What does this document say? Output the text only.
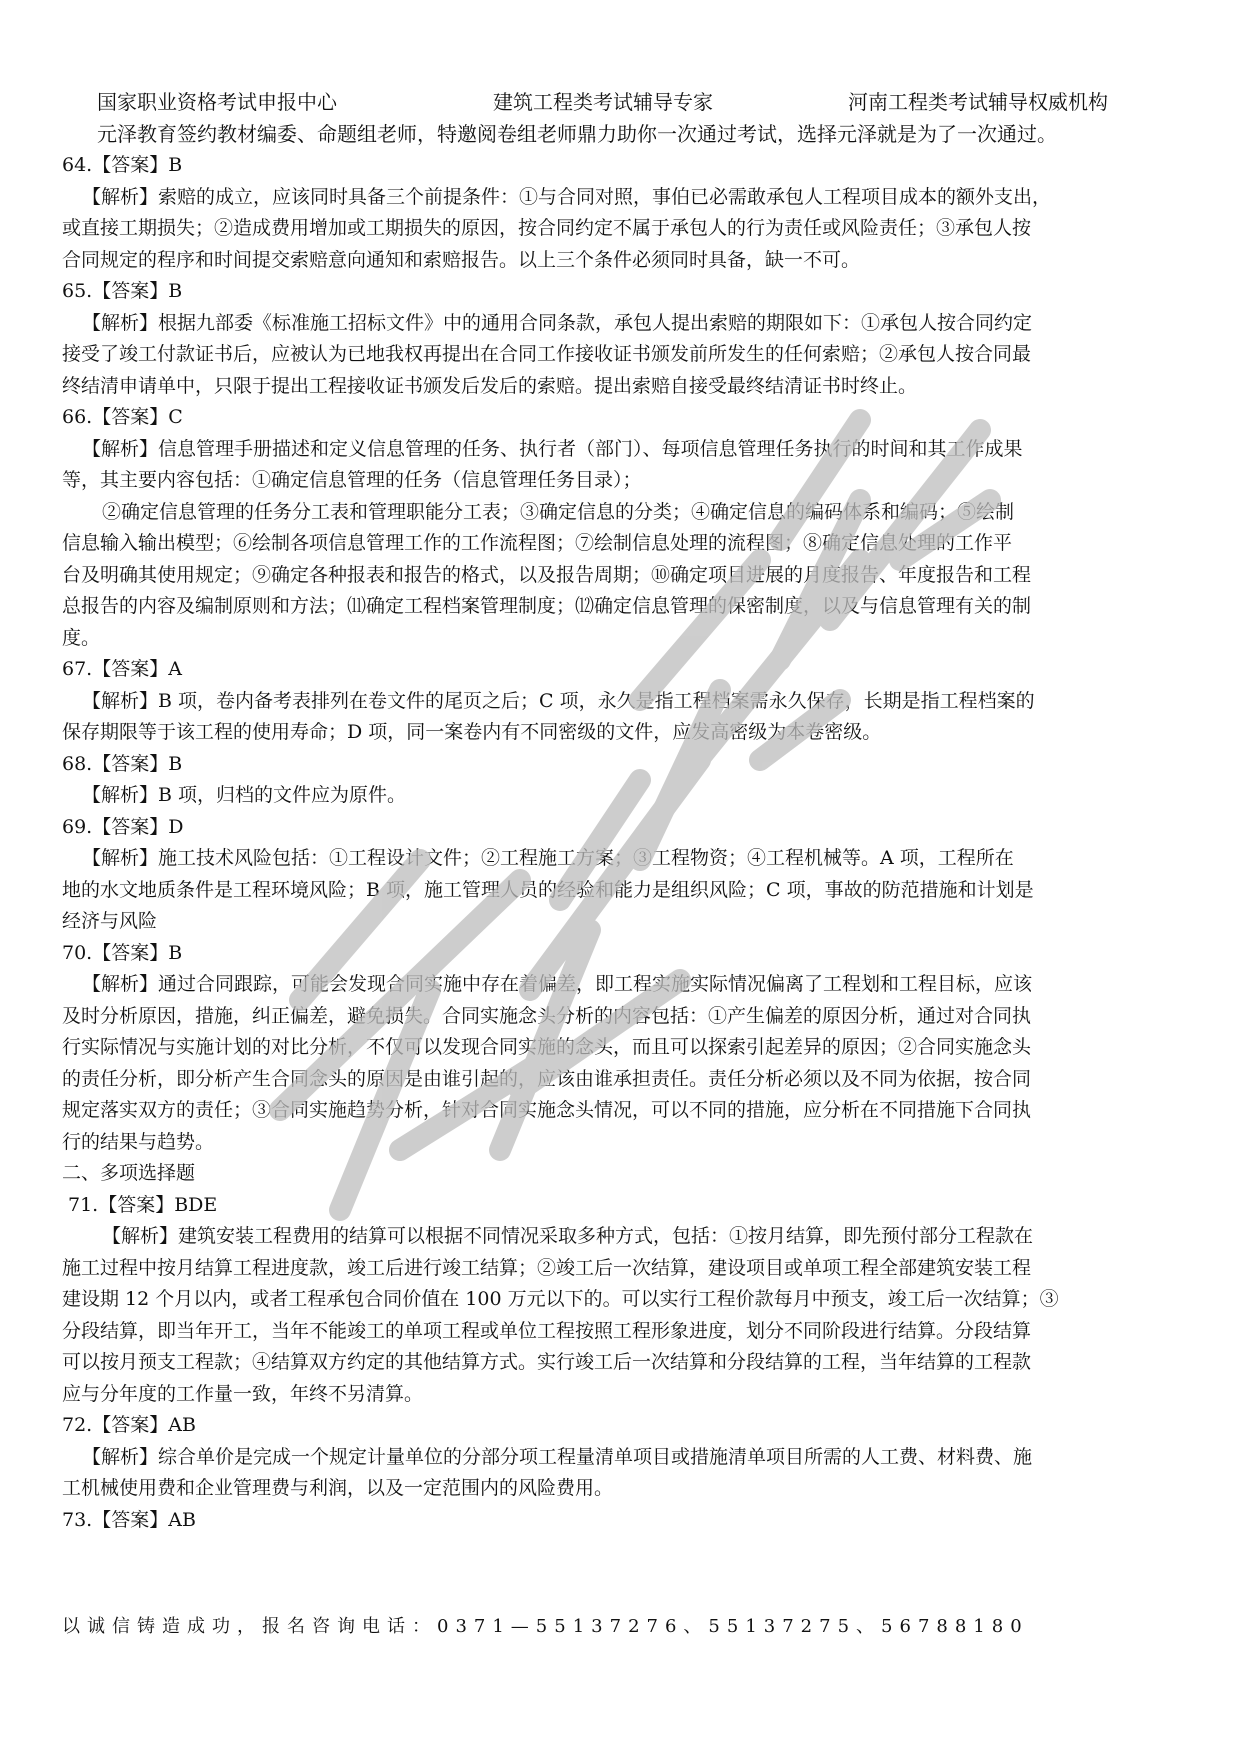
国家职业资格考试申报中心	建筑工程类考试辅导专家	河南工程类考试辅导权威机构
元泽教育签约教材编委、命题组老师，特邀阅卷组老师鼎力助你一次通过考试，选择元泽就是为了一次通过。
64.【答案】B
【解析】索赔的成立，应该同时具备三个前提条件：①与合同对照，事伯已必需敢承包人工程项目成本的额外支出，
或直接工期损失；②造成费用增加或工期损失的原因，按合同约定不属于承包人的行为责任或风险责任；③承包人按
合同规定的程序和时间提交索赔意向通知和索赔报告。以上三个条件必须同时具备，缺一不可。
65.【答案】B
【解析】根据九部委《标准施工招标文件》中的通用合同条款，承包人提出索赔的期限如下：①承包人按合同约定
接受了竣工付款证书后，应被认为已地我权再提出在合同工作接收证书颁发前所发生的任何索赔；②承包人按合同最
终结清申请单中，只限于提出工程接收证书颁发后发后的索赔。提出索赔自接受最终结清证书时终止。
66.【答案】C
【解析】信息管理手册描述和定义信息管理的任务、执行者（部门）、每项信息管理任务执行的时间和其工作成果
等，其主要内容包括：①确定信息管理的任务（信息管理任务目录）；
②确定信息管理的任务分工表和管理职能分工表；③确定信息的分类；④确定信息的编码体系和编码；⑤绘制
信息输入输出模型；⑥绘制各项信息管理工作的工作流程图；⑦绘制信息处理的流程图；⑧确定信息处理的工作平
台及明确其使用规定；⑨确定各种报表和报告的格式，以及报告周期；⑩确定项目进展的月度报告、年度报告和工程
总报告的内容及编制原则和方法；⑾确定工程档案管理制度；⑿确定信息管理的保密制度，以及与信息管理有关的制
度。
67.【答案】A
【解析】B 项，卷内备考表排列在卷文件的尾页之后；C 项，永久是指工程档案需永久保存，长期是指工程档案的
保存期限等于该工程的使用寿命；D 项，同一案卷内有不同密级的文件，应发高密级为本卷密级。
68.【答案】B
【解析】B 项，归档的文件应为原件。
69.【答案】D
【解析】施工技术风险包括：①工程设计文件；②工程施工方案；③工程物资；④工程机械等。A 项，工程所在
地的水文地质条件是工程环境风险；B 项，施工管理人员的经验和能力是组织风险；C 项，事故的防范措施和计划是
经济与风险
70.【答案】B
【解析】通过合同跟踪，可能会发现合同实施中存在着偏差，即工程实施实际情况偏离了工程划和工程目标，应该
及时分析原因，措施，纠正偏差，避免损失。合同实施念头分析的内容包括：①产生偏差的原因分析，通过对合同执
行实际情况与实施计划的对比分析，不仅可以发现合同实施的念头，而且可以探索引起差异的原因；②合同实施念头
的责任分析，即分析产生合同念头的原因是由谁引起的，应该由谁承担责任。责任分析必须以及不同为依据，按合同
规定落实双方的责任；③合同实施趋势分析，针对合同实施念头情况，可以不同的措施，应分析在不同措施下合同执
行的结果与趋势。
二、多项选择题
71.【答案】BDE
【解析】建筑安装工程费用的结算可以根据不同情况采取多种方式，包括：①按月结算，即先预付部分工程款在
施工过程中按月结算工程进度款，竣工后进行竣工结算；②竣工后一次结算，建设项目或单项工程全部建筑安装工程
建设期 12 个月以内，或者工程承包合同价值在 100 万元以下的。可以实行工程价款每月中预支，竣工后一次结算；③
分段结算，即当年开工，当年不能竣工的单项工程或单位工程按照工程形象进度，划分不同阶段进行结算。分段结算
可以按月预支工程款；④结算双方约定的其他结算方式。实行竣工后一次结算和分段结算的工程，当年结算的工程款
应与分年度的工作量一致，年终不另清算。
72.【答案】AB
【解析】综合单价是完成一个规定计量单位的分部分项工程量清单项目或措施清单项目所需的人工费、材料费、施
工机械使用费和企业管理费与利润，以及一定范围内的风险费用。
73.【答案】AB
以诚信铸造成功，报名咨询电话：0371—55137276、55137275、56788180
